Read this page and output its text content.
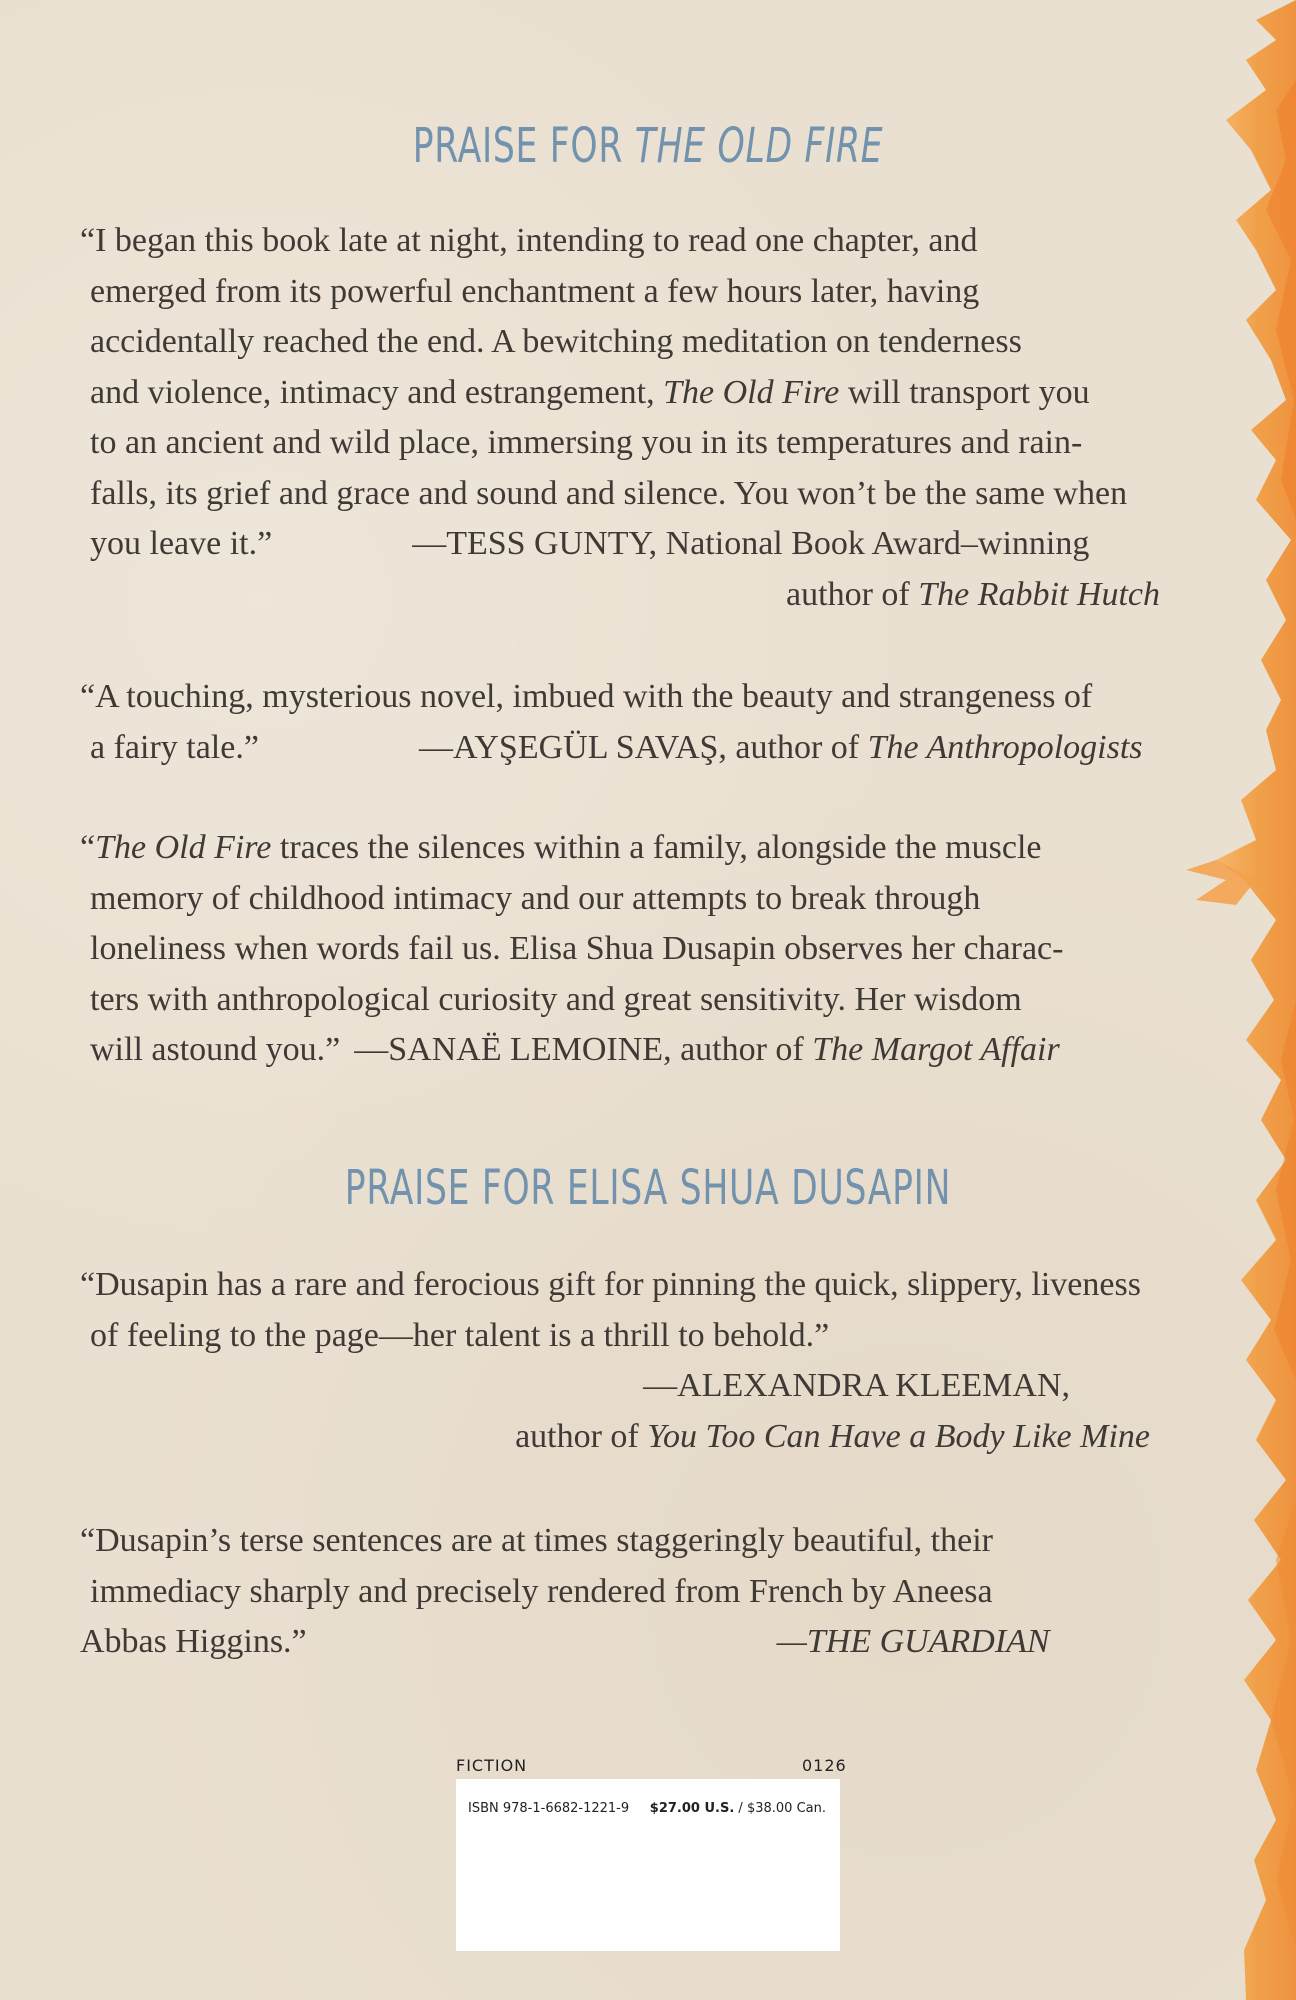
PRAISE FOR THE OLD FIRE
“I began this book late at night, intending to read one chapter, and
emerged from its powerful enchantment a few hours later, having
accidentally reached the end. A bewitching meditation on tenderness
and violence, intimacy and estrangement, The Old Fire will transport you
to an ancient and wild place, immersing you in its temperatures and rain-
falls, its grief and grace and sound and silence. You won’t be the same when
you leave it.”	—TESS GUNTY, National Book Award–winning
author of The Rabbit Hutch
“A touching, mysterious novel, imbued with the beauty and strangeness of
a fairy tale.”	—AYŞEGÜL SAVAŞ, author of The Anthropologists
“The Old Fire traces the silences within a family, alongside the muscle
memory of childhood intimacy and our attempts to break through
loneliness when words fail us. Elisa Shua Dusapin observes her charac-
ters with anthropological curiosity and great sensitivity. Her wisdom
will astound you.” —SANAË LEMOINE, author of The Margot Affair
PRAISE FOR ELISA SHUA DUSAPIN
“Dusapin has a rare and ferocious gift for pinning the quick, slippery, liveness
of feeling to the page—her talent is a thrill to behold.”
—ALEXANDRA KLEEMAN,
author of You Too Can Have a Body Like Mine
“Dusapin’s terse sentences are at times staggeringly beautiful, their
immediacy sharply and precisely rendered from French by Aneesa
Abbas Higgins.”	—THE GUARDIAN
FICTION	0126
ISBN 978-1-6682-1221-9 $27.00 U.S. / $38.00 Can.
